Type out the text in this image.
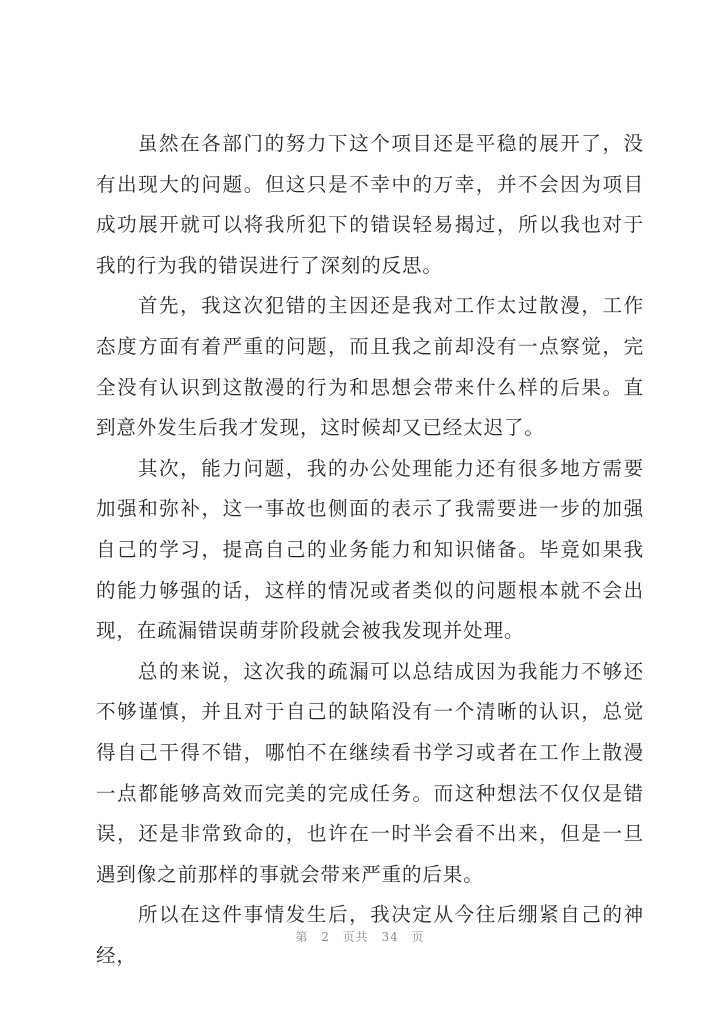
虽然在各部门的努力下这个项目还是平稳的展开了，没有出现大的问题。但这只是不幸中的万幸，并不会因为项目成功展开就可以将我所犯下的错误轻易揭过，所以我也对于我的行为我的错误进行了深刻的反思。

首先，我这次犯错的主因还是我对工作太过散漫，工作态度方面有着严重的问题，而且我之前却没有一点察觉，完全没有认识到这散漫的行为和思想会带来什么样的后果。直到意外发生后我才发现，这时候却又已经太迟了。

其次，能力问题，我的办公处理能力还有很多地方需要加强和弥补，这一事故也侧面的表示了我需要进一步的加强自己的学习，提高自己的业务能力和知识储备。毕竟如果我的能力够强的话，这样的情况或者类似的问题根本就不会出现，在疏漏错误萌芽阶段就会被我发现并处理。

总的来说，这次我的疏漏可以总结成因为我能力不够还不够谨慎，并且对于自己的缺陷没有一个清晰的认识，总觉得自己干得不错，哪怕不在继续看书学习或者在工作上散漫一点都能够高效而完美的完成任务。而这种想法不仅仅是错误，还是非常致命的，也许在一时半会看不出来，但是一旦遇到像之前那样的事就会带来严重的后果。

所以在这件事情发生后，我决定从今往后绷紧自己的神经，

第 2 页共 34 页
